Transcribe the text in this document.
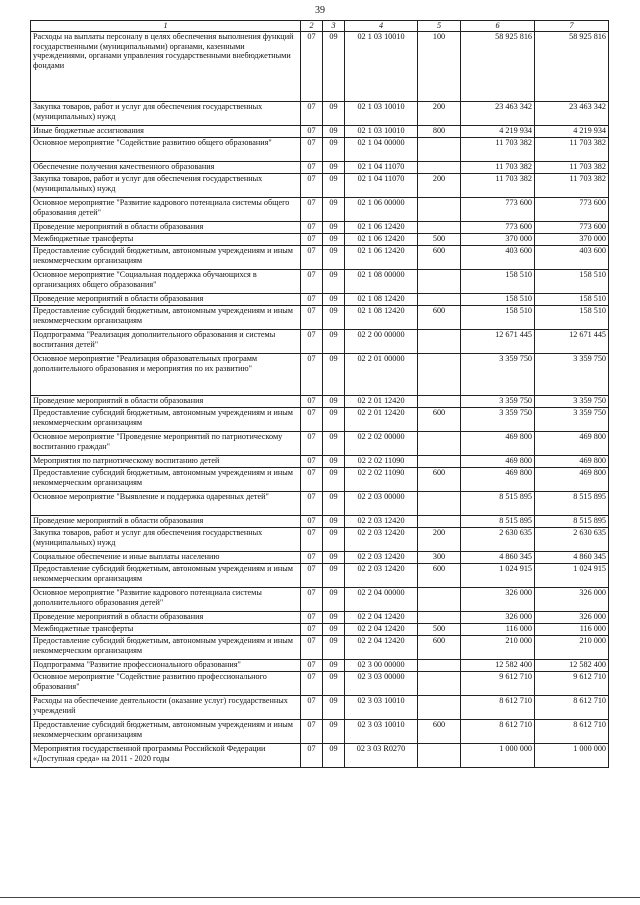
39
1	2	3	4	5	6	7
Расходы на выплаты персоналу в целях обеспечения выполнения функций государственными (муниципальными) органами, казенными учреждениями, органами управления государственными внебюджетными фондами	07	09	02 1 03 10010	100	58 925 816	58 925 816
Закупка товаров, работ и услуг для обеспечения государственных (муниципальных) нужд	07	09	02 1 03 10010	200	23 463 342	23 463 342
Иные бюджетные ассигнования	07	09	02 1 03 10010	800	4 219 934	4 219 934
Основное мероприятие "Содействие развитию общего образования"	07	09	02 1 04 00000		11 703 382	11 703 382
Обеспечение получения качественного образования	07	09	02 1 04 11070		11 703 382	11 703 382
Закупка товаров, работ и услуг для обеспечения государственных (муниципальных) нужд	07	09	02 1 04 11070	200	11 703 382	11 703 382
Основное мероприятие "Развитие кадрового потенциала системы общего образования детей"	07	09	02 1 06 00000		773 600	773 600
Проведение мероприятий в области образования	07	09	02 1 06 12420		773 600	773 600
Межбюджетные трансферты	07	09	02 1 06 12420	500	370 000	370 000
Предоставление субсидий бюджетным, автономным учреждениям и иным некоммерческим организациям	07	09	02 1 06 12420	600	403 600	403 600
Основное мероприятие "Социальная поддержка обучающихся в организациях общего образования"	07	09	02 1 08 00000		158 510	158 510
Проведение мероприятий в области образования	07	09	02 1 08 12420		158 510	158 510
Предоставление субсидий бюджетным, автономным учреждениям и иным некоммерческим организациям	07	09	02 1 08 12420	600	158 510	158 510
Подпрограмма "Реализация дополнительного образования и системы воспитания детей"	07	09	02 2 00 00000		12 671 445	12 671 445
Основное мероприятие "Реализация образовательных программ дополнительного образования и мероприятия по их развитию"	07	09	02 2 01 00000		3 359 750	3 359 750
Проведение мероприятий в области образования	07	09	02 2 01 12420		3 359 750	3 359 750
Предоставление субсидий бюджетным, автономным учреждениям и иным некоммерческим организациям	07	09	02 2 01 12420	600	3 359 750	3 359 750
Основное мероприятие "Проведение мероприятий по патриотическому воспитанию граждан"	07	09	02 2 02 00000		469 800	469 800
Мероприятия по патриотическому воспитанию детей	07	09	02 2 02 11090		469 800	469 800
Предоставление субсидий бюджетным, автономным учреждениям и иным некоммерческим организациям	07	09	02 2 02 11090	600	469 800	469 800
Основное мероприятие "Выявление и поддержка одаренных детей"	07	09	02 2 03 00000		8 515 895	8 515 895
Проведение мероприятий в области образования	07	09	02 2 03 12420		8 515 895	8 515 895
Закупка товаров, работ и услуг для обеспечения государственных (муниципальных) нужд	07	09	02 2 03 12420	200	2 630 635	2 630 635
Социальное обеспечение и иные выплаты населению	07	09	02 2 03 12420	300	4 860 345	4 860 345
Предоставление субсидий бюджетным, автономным учреждениям и иным некоммерческим организациям	07	09	02 2 03 12420	600	1 024 915	1 024 915
Основное мероприятие "Развитие кадрового потенциала системы дополнительного образования детей"	07	09	02 2 04 00000		326 000	326 000
Проведение мероприятий в области образования	07	09	02 2 04 12420		326 000	326 000
Межбюджетные трансферты	07	09	02 2 04 12420	500	116 000	116 000
Предоставление субсидий бюджетным, автономным учреждениям и иным некоммерческим организациям	07	09	02 2 04 12420	600	210 000	210 000
Подпрограмма "Развитие профессионального образования"	07	09	02 3 00 00000		12 582 400	12 582 400
Основное мероприятие "Содействие развитию профессионального образования"	07	09	02 3 03 00000		9 612 710	9 612 710
Расходы на обеспечение деятельности (оказание услуг) государственных учреждений	07	09	02 3 03 10010		8 612 710	8 612 710
Предоставление субсидий бюджетным, автономным учреждениям и иным некоммерческим организациям	07	09	02 3 03 10010	600	8 612 710	8 612 710
Мероприятия государственной программы Российской Федерации «Доступная среда» на 2011 - 2020 годы	07	09	02 3 03 R0270		1 000 000	1 000 000
